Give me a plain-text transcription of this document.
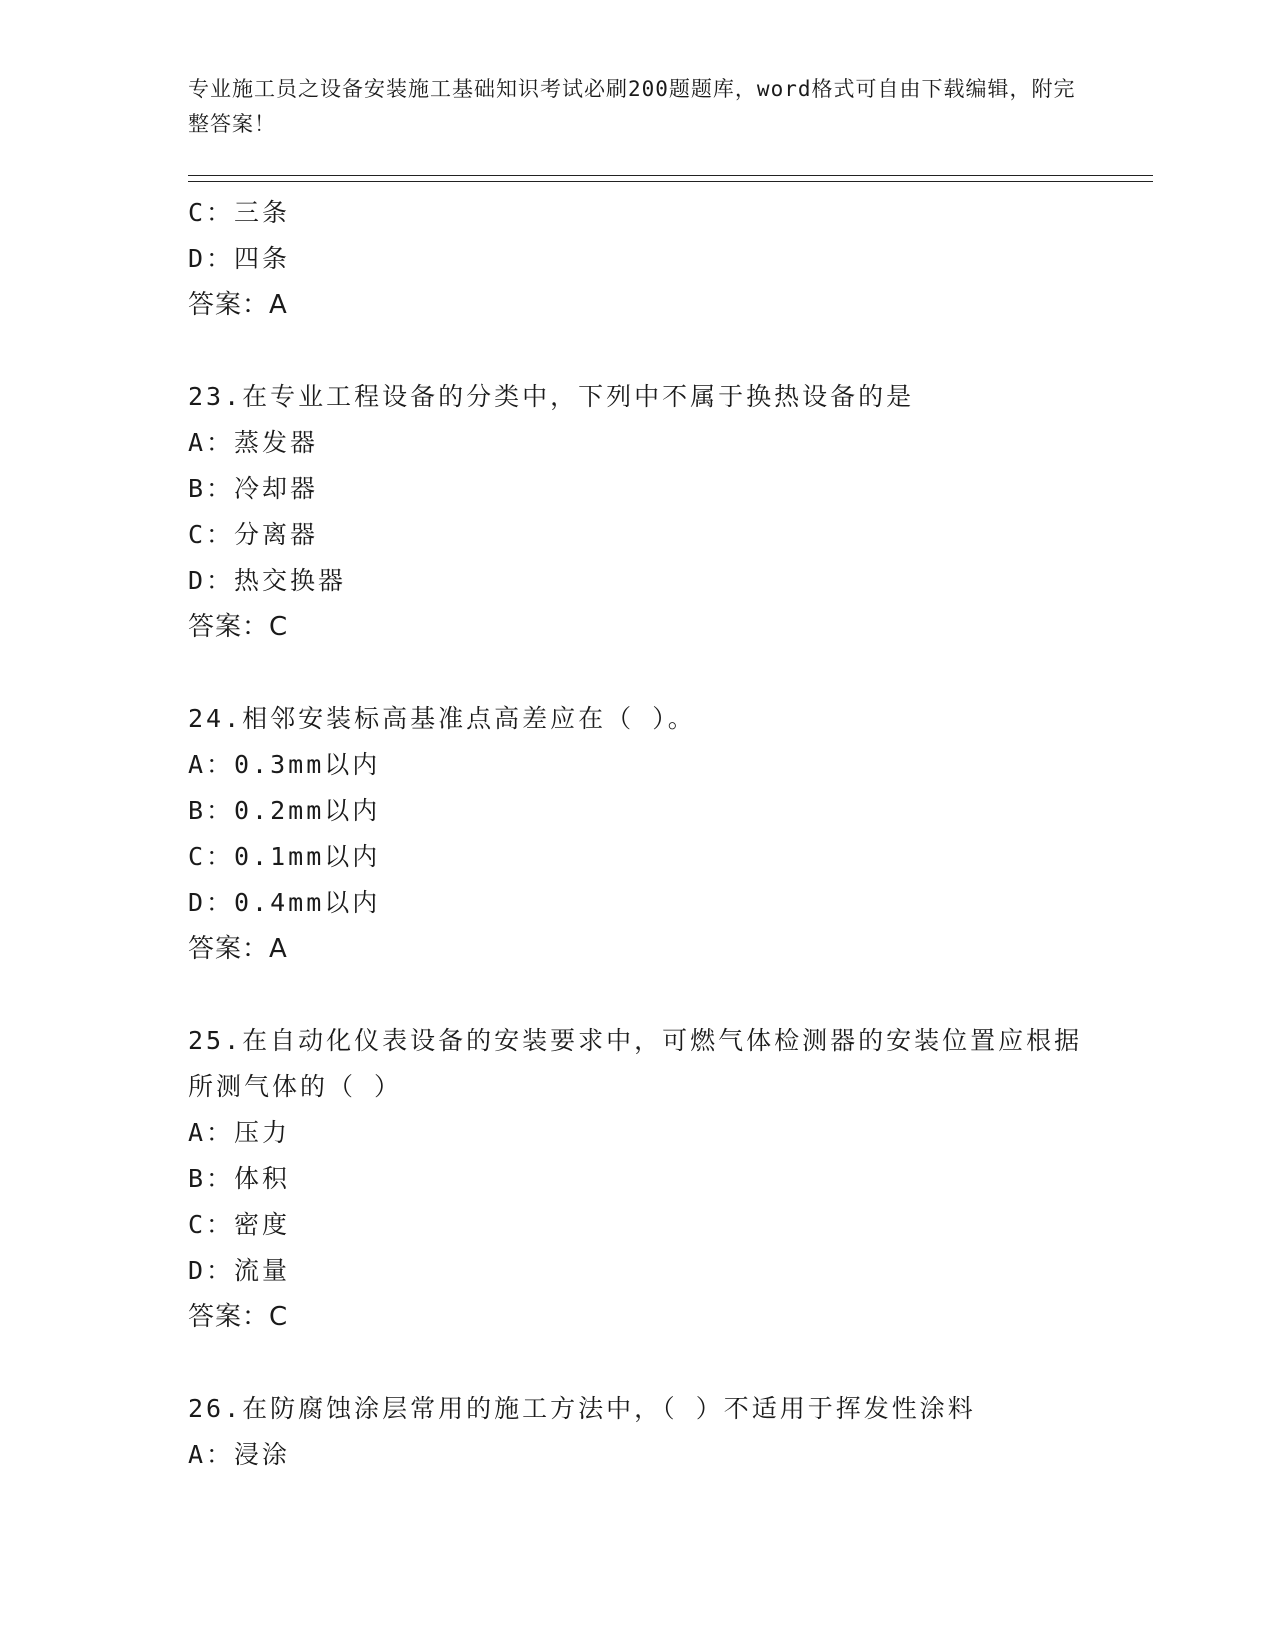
专业施工员之设备安装施工基础知识考试必刷200题题库，word格式可自由下载编辑，附完整答案！
C：三条
D：四条
答案：A
23.在专业工程设备的分类中，下列中不属于换热设备的是
A：蒸发器
B：冷却器
C：分离器
D：热交换器
答案：C
24.相邻安装标高基准点高差应在（ ）。
A：0.3mm以内
B：0.2mm以内
C：0.1mm以内
D：0.4mm以内
答案：A
25.在自动化仪表设备的安装要求中，可燃气体检测器的安装位置应根据所测气体的（ ）
A：压力
B：体积
C：密度
D：流量
答案：C
26.在防腐蚀涂层常用的施工方法中，（ ）不适用于挥发性涂料
A：浸涂
